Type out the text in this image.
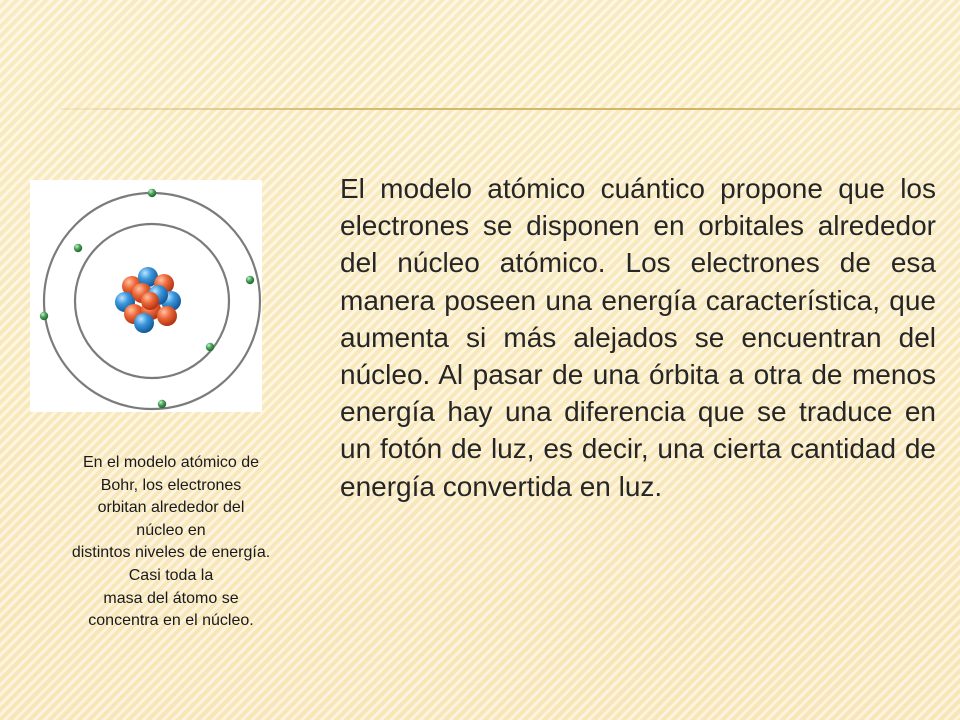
En el modelo atómico de
Bohr, los electrones
orbitan alrededor del
núcleo en
distintos niveles de energía.
Casi toda la
masa del átomo se
concentra en el núcleo.
El modelo atómico cuántico propone que los electrones se disponen en orbitales alrededor del núcleo atómico. Los electrones de esa manera poseen una energía característica, que aumenta si más alejados se encuentran del núcleo. Al pasar de una órbita a otra de menos energía hay una diferencia que se traduce en un fotón de luz, es decir, una cierta cantidad de energía convertida en luz.
